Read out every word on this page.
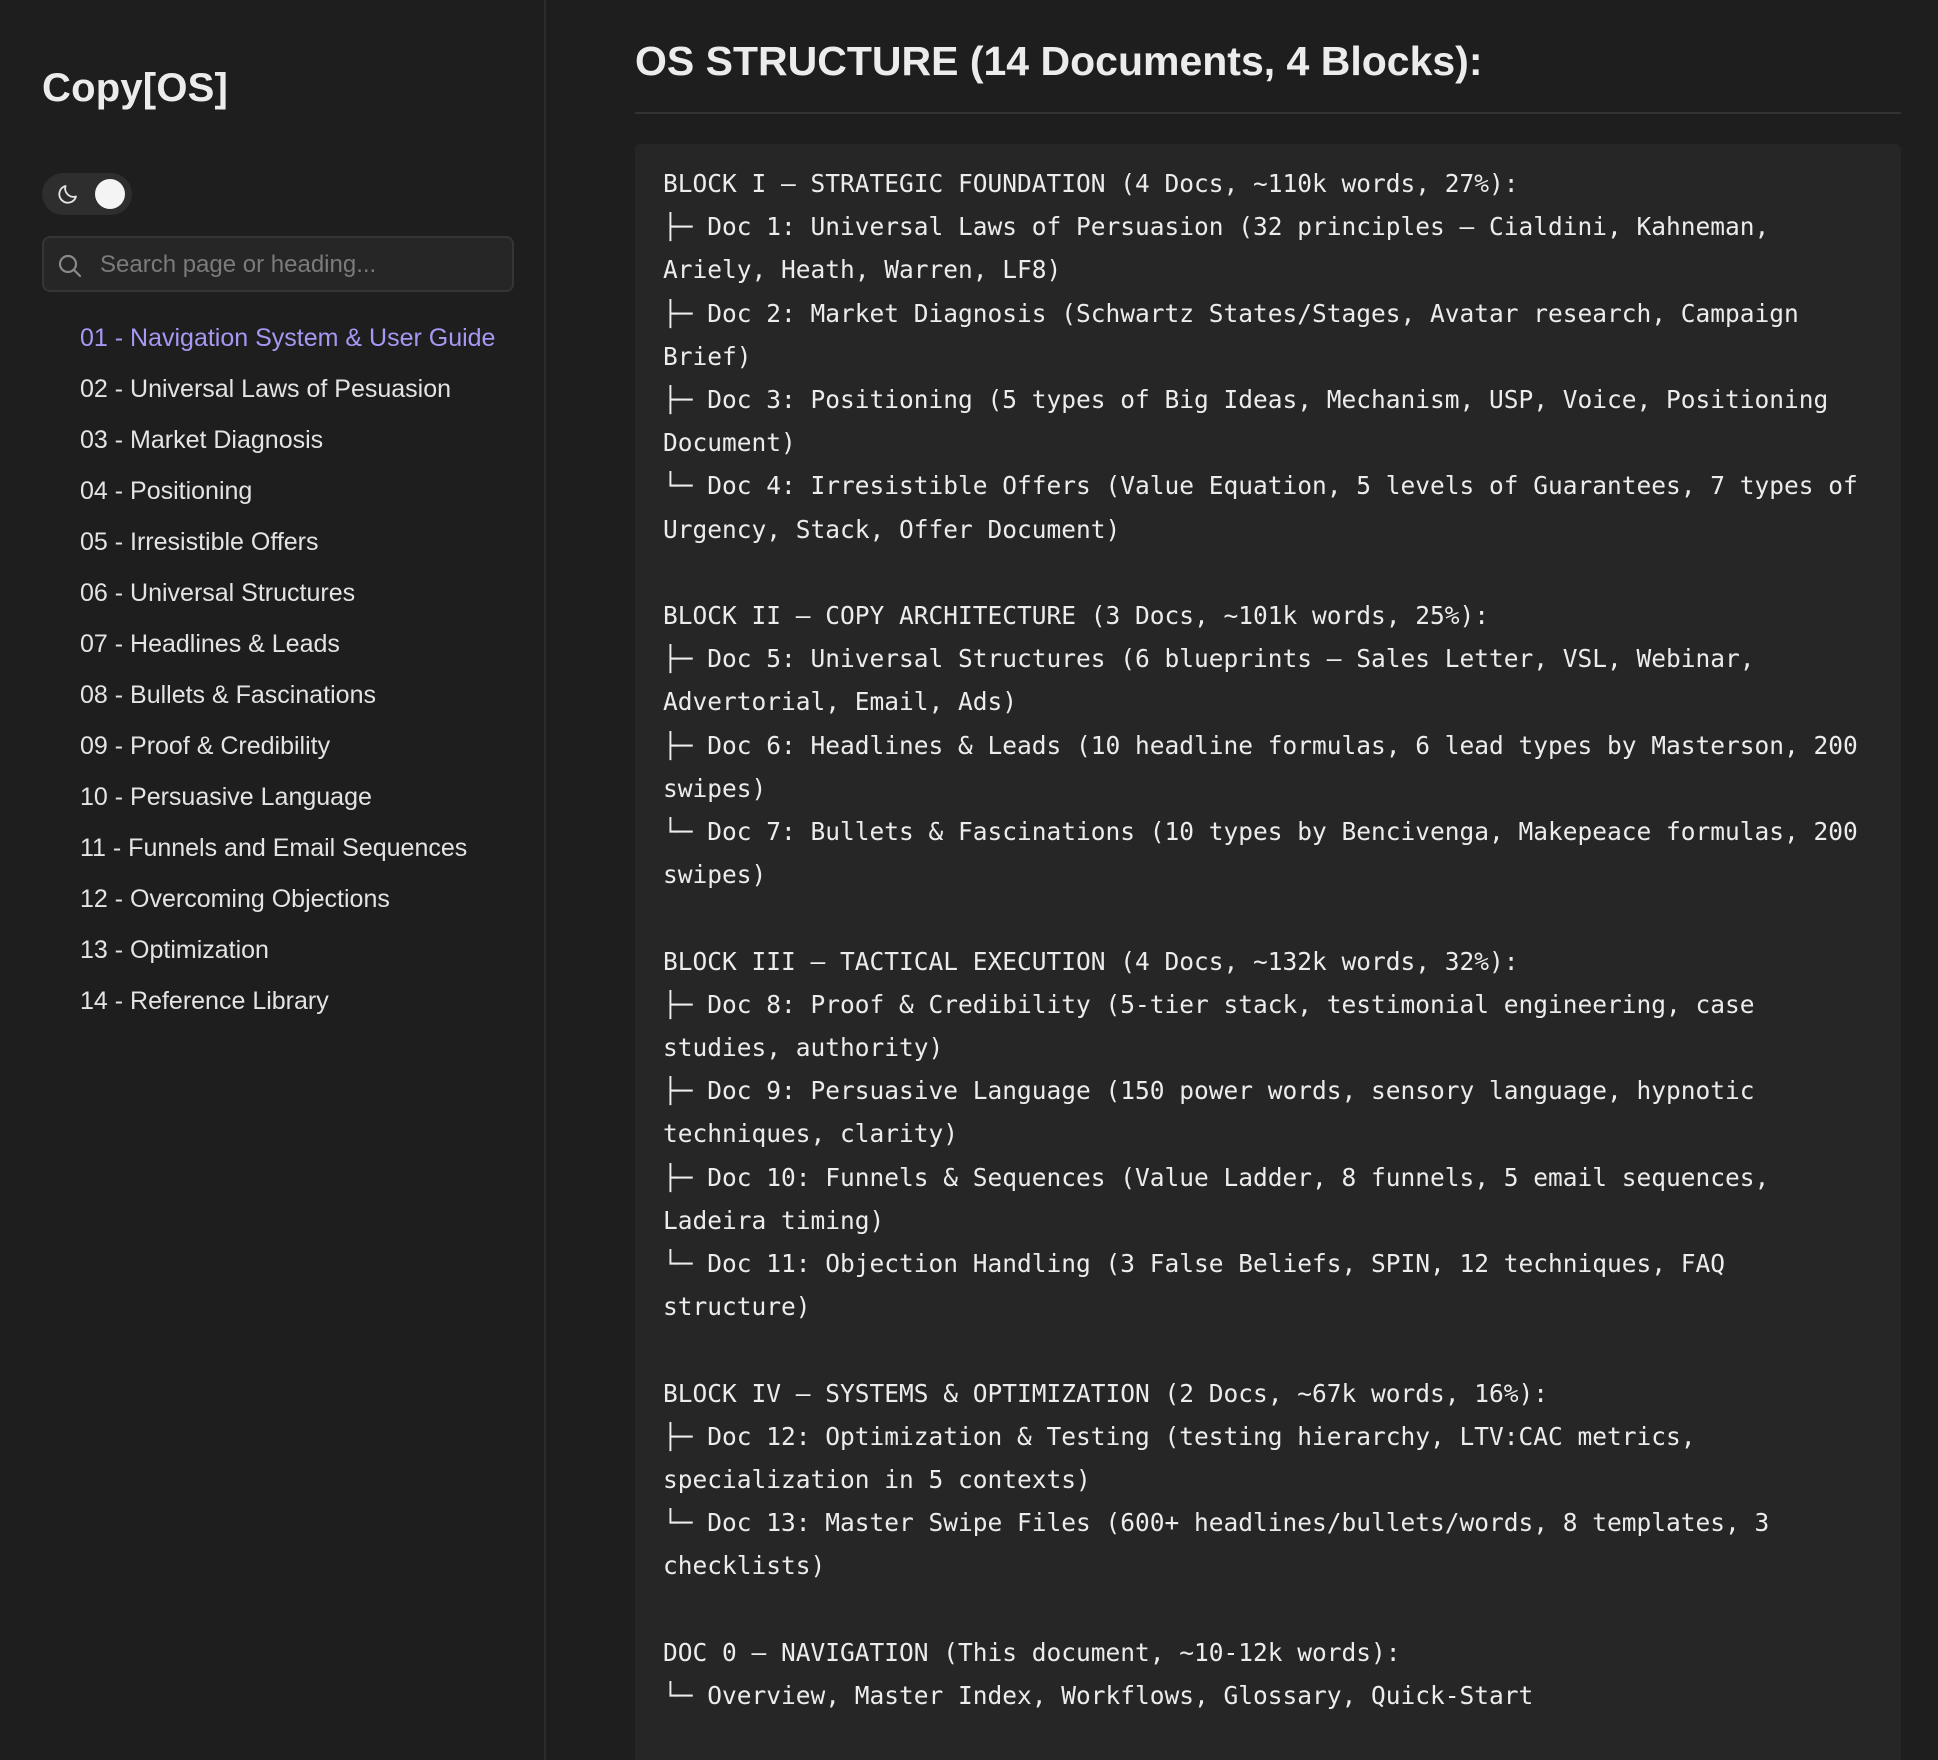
Copy[OS]
Search page or heading...
01 - Navigation System & User Guide
02 - Universal Laws of Pesuasion
03 - Market Diagnosis
04 - Positioning
05 - Irresistible Offers
06 - Universal Structures
07 - Headlines & Leads
08 - Bullets & Fascinations
09 - Proof & Credibility
10 - Persuasive Language
11 - Funnels and Email Sequences
12 - Overcoming Objections
13 - Optimization
14 - Reference Library
OS STRUCTURE (14 Documents, 4 Blocks):
BLOCK I — STRATEGIC FOUNDATION (4 Docs, ~110k words, 27%):
├─ Doc 1: Universal Laws of Persuasion (32 principles — Cialdini, Kahneman, Ariely, Heath, Warren, LF8)
├─ Doc 2: Market Diagnosis (Schwartz States/Stages, Avatar research, Campaign Brief)
├─ Doc 3: Positioning (5 types of Big Ideas, Mechanism, USP, Voice, Positioning Document)
└─ Doc 4: Irresistible Offers (Value Equation, 5 levels of Guarantees, 7 types of Urgency, Stack, Offer Document)
BLOCK II — COPY ARCHITECTURE (3 Docs, ~101k words, 25%):
├─ Doc 5: Universal Structures (6 blueprints — Sales Letter, VSL, Webinar, Advertorial, Email, Ads)
├─ Doc 6: Headlines & Leads (10 headline formulas, 6 lead types by Masterson, 200 swipes)
└─ Doc 7: Bullets & Fascinations (10 types by Bencivenga, Makepeace formulas, 200 swipes)
BLOCK III — TACTICAL EXECUTION (4 Docs, ~132k words, 32%):
├─ Doc 8: Proof & Credibility (5-tier stack, testimonial engineering, case studies, authority)
├─ Doc 9: Persuasive Language (150 power words, sensory language, hypnotic techniques, clarity)
├─ Doc 10: Funnels & Sequences (Value Ladder, 8 funnels, 5 email sequences, Ladeira timing)
└─ Doc 11: Objection Handling (3 False Beliefs, SPIN, 12 techniques, FAQ structure)
BLOCK IV — SYSTEMS & OPTIMIZATION (2 Docs, ~67k words, 16%):
├─ Doc 12: Optimization & Testing (testing hierarchy, LTV:CAC metrics, specialization in 5 contexts)
└─ Doc 13: Master Swipe Files (600+ headlines/bullets/words, 8 templates, 3 checklists)
DOC 0 — NAVIGATION (This document, ~10-12k words):
└─ Overview, Master Index, Workflows, Glossary, Quick-Start
